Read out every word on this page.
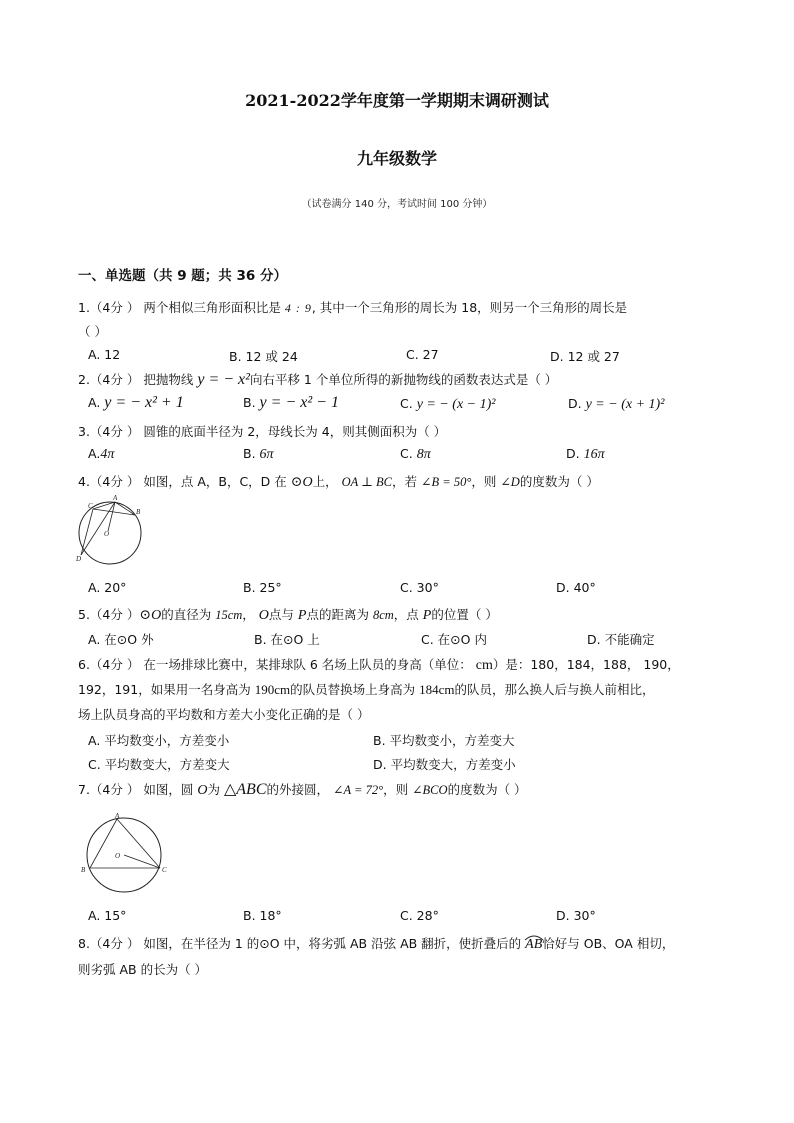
2021-2022学年度第一学期期末调研测试
九年级数学
（试卷满分 140 分，考试时间 100 分钟）
一、单选题（共 9 题；共 36 分）
1.（4分 ） 两个相似三角形面积比是 4 : 9, 其中一个三角形的周长为 18，则另一个三角形的周长是
（ ）
A. 12	B. 12 或 24	C. 27	D. 12 或 27
2.（4分 ） 把抛物线 y = − x²向右平移 1 个单位所得的新抛物线的函数表达式是（ ）
A. y = − x² + 1	B. y = − x² − 1	C. y = − (x − 1)²	D. y = − (x + 1)²
3.（4分 ） 圆锥的底面半径为 2，母线长为 4，则其侧面积为（ ）
A.4π	B. 6π	C. 8π	D. 16π
4.（4分 ） 如图，点 A，B，C，D 在 ⊙O上， OA ⊥ BC，若 ∠B = 50°，则 ∠D的度数为（ ）
C
A
B
O
D
A. 20°	B. 25°	C. 30°	D. 40°
5.（4分 ）⊙O的直径为 15cm， O点与 P点的距离为 8cm，点 P的位置（ ）
A. 在⊙O 外	B. 在⊙O 上	C. 在⊙O 内	D. 不能确定
6.（4分 ） 在一场排球比赛中，某排球队 6 名场上队员的身高（单位： cm）是：180，184，188， 190，
192，191，如果用一名身高为 190cm的队员替换场上身高为 184cm的队员，那么换人后与换人前相比，
场上队员身高的平均数和方差大小变化正确的是（ ）
A. 平均数变小，方差变小	B. 平均数变小，方差变大
C. 平均数变大，方差变大	D. 平均数变大，方差变小
7.（4分 ） 如图，圆 O为 △ABC的外接圆， ∠A = 72°，则 ∠BCO的度数为（ ）
A
O
B	C
A. 15°	B. 18°	C. 28°	D. 30°
8.（4分 ） 如图，在半径为 1 的⊙O 中，将劣弧 AB 沿弦 AB 翻折，使折叠后的 AB恰好与 OB、OA 相切，
则劣弧 AB 的长为（ ）
